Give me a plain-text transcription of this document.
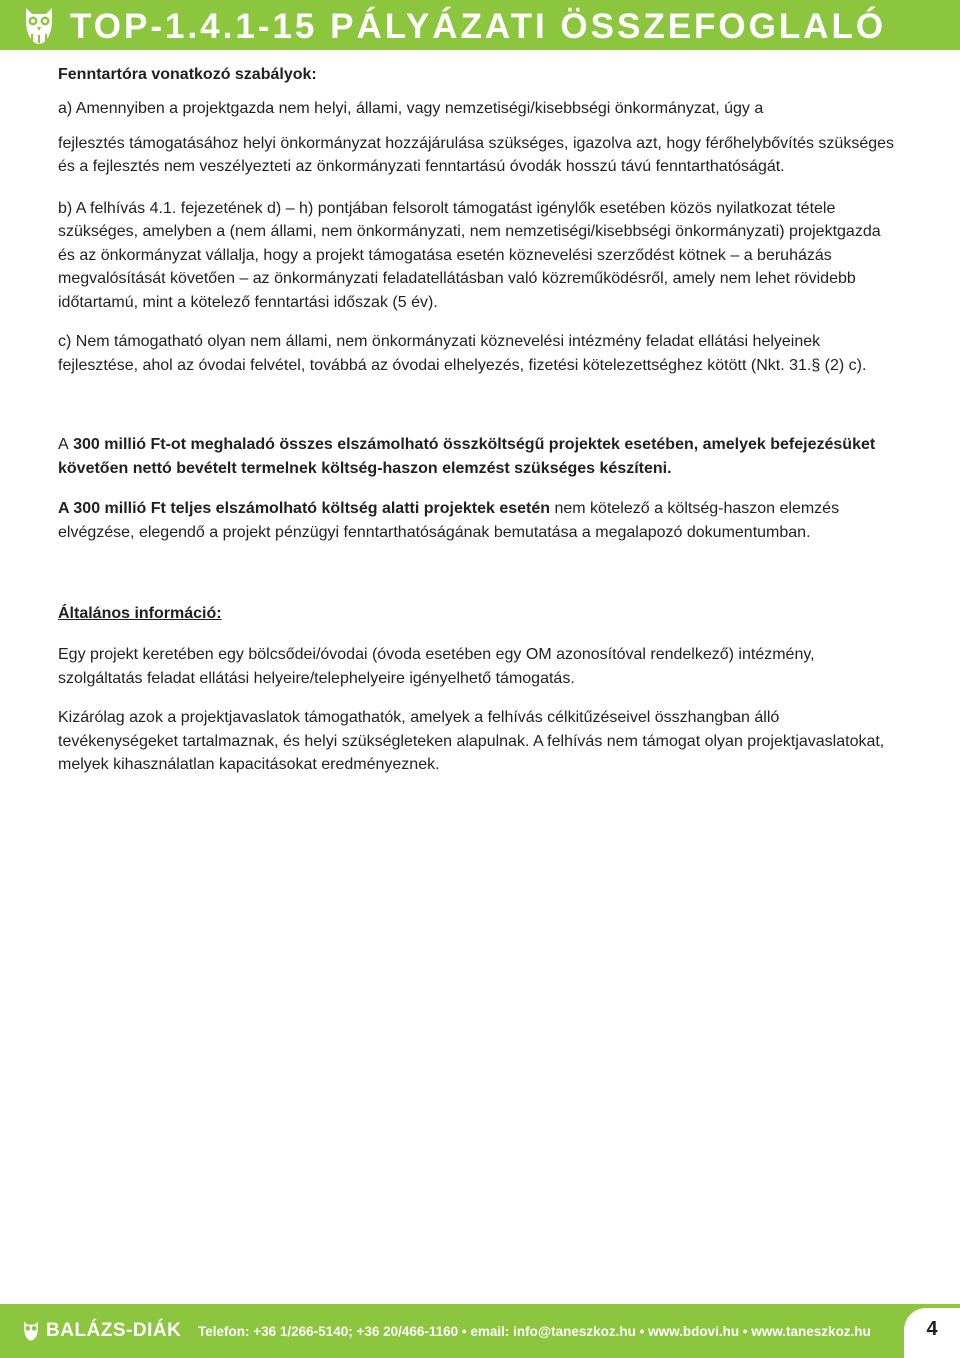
TOP-1.4.1-15 PÁLYÁZATI ÖSSZEFOGLALÓ
Fenntartóra vonatkozó szabályok:

a) Amennyiben a projektgazda nem helyi, állami, vagy nemzetiségi/kisebbségi önkormányzat, úgy a

fejlesztés támogatásához helyi önkormányzat hozzájárulása szükséges, igazolva azt, hogy férőhelybővítés szükséges és a fejlesztés nem veszélyezteti az önkormányzati fenntartású óvodák hosszú távú fenntarthatóságát.

b) A felhívás 4.1. fejezetének d) – h) pontjában felsorolt támogatást igénylők esetében közös nyilatkozat tétele szükséges, amelyben a (nem állami, nem önkormányzati, nem nemzetiségi/kisebbségi önkormányzati) projektgazda és az önkormányzat vállalja, hogy a projekt támogatása esetén köznevelési szerződést kötnek – a beruházás megvalósítását követően – az önkormányzati feladatellátásban való közreműködésről, amely nem lehet rövidebb időtartamú, mint a kötelező fenntartási időszak (5 év).

c) Nem támogatható olyan nem állami, nem önkormányzati köznevelési intézmény feladat ellátási helyeinek fejlesztése, ahol az óvodai felvétel, továbbá az óvodai elhelyezés, fizetési kötelezettséghez kötött (Nkt. 31.§ (2) c).

A 300 millió Ft-ot meghaladó összes elszámolható összköltségű projektek esetében, amelyek befejezésüket követően nettó bevételt termelnek költség-haszon elemzést szükséges készíteni.

A 300 millió Ft teljes elszámolható költség alatti projektek esetén nem kötelező a költség-haszon elemzés elvégzése, elegendő a projekt pénzügyi fenntarthatóságának bemutatása a megalapozó dokumentumban.

Általános információ:

Egy projekt keretében egy bölcsődei/óvodai (óvoda esetében egy OM azonosítóval rendelkező) intézmény, szolgáltatás feladat ellátási helyeire/telephelyeire igényelhető támogatás.

Kizárólag azok a projektjavaslatok támogathatók, amelyek a felhívás célkitűzéseivel összhangban álló tevékenységeket tartalmaznak, és helyi szükségleteken alapulnak. A felhívás nem támogat olyan projektjavaslatokat, melyek kihasználatlan kapacitásokat eredményeznek.

BALÁZS-DIÁK Telefon: +36 1/266-5140; +36 20/466-1160 • email: info@taneszkoz.hu • www.bdovi.hu • www.taneszkoz.hu	4
